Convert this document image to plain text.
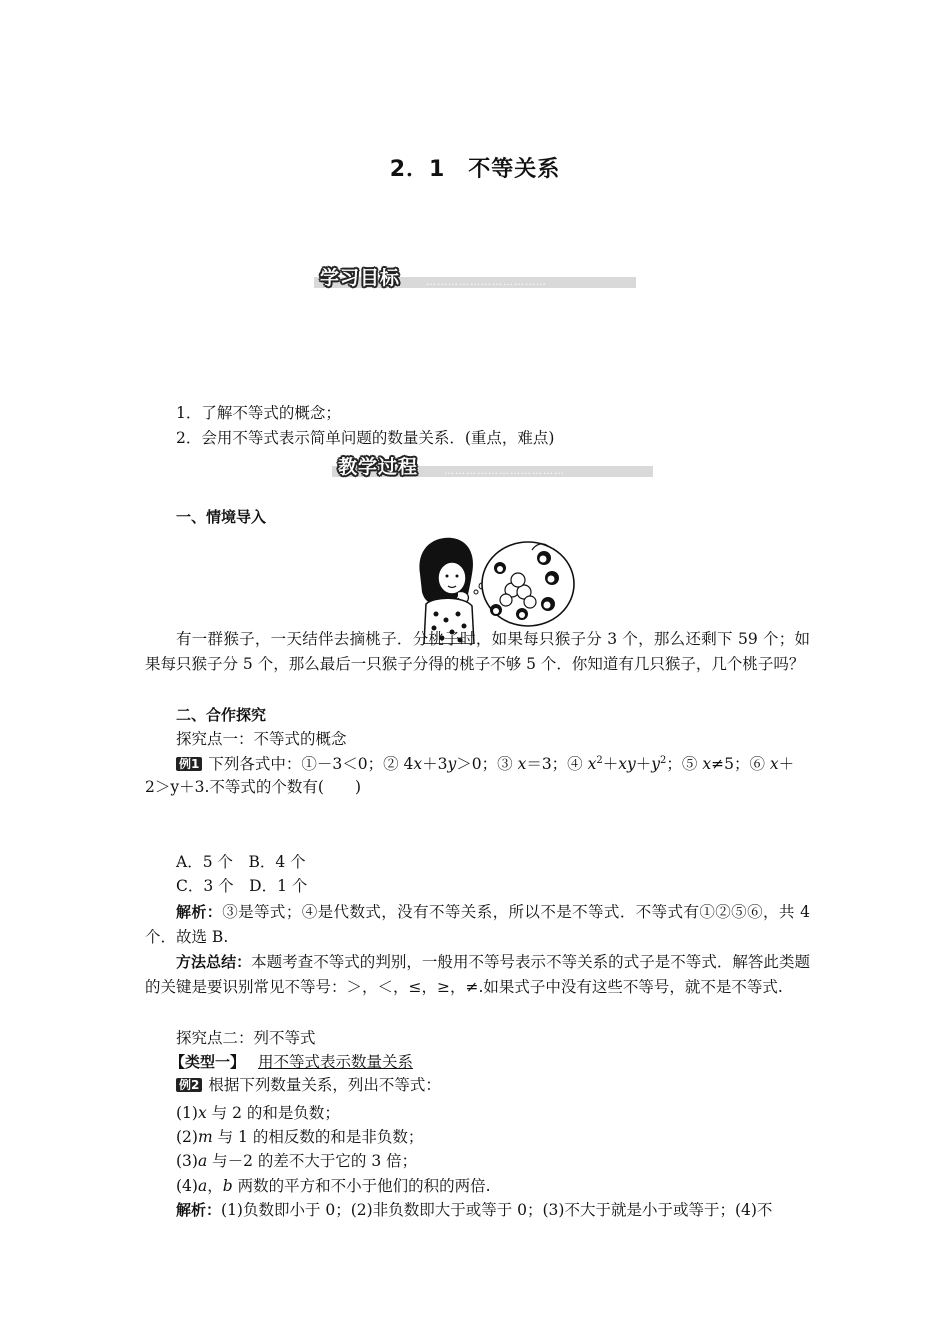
2．1　不等关系
……………………………
学习目标
1．了解不等式的概念；
2．会用不等式表示简单问题的数量关系．(重点，难点)
……………………………
教学过程
一、情境导入
有一群猴子，一天结伴去摘桃子．分桃子时，如果每只猴子分 3 个，那么还剩下 59 个；如果每只猴子分 5 个，那么最后一只猴子分得的桃子不够 5 个．你知道有几只猴子，几个桃子吗？
二、合作探究
探究点一：不等式的概念
例1 下列各式中：①－3＜0；② 4x＋3y＞0；③ x＝3；④ $x^2+xy+y^2$；⑤ x≠5；⑥ x＋
2＞y＋3.不等式的个数有(　　)
A．5 个　B．4 个
C．3 个　D．1 个
解析：③是等式；④是代数式，没有不等关系，所以不是不等式．不等式有①②⑤⑥，共 4 个．故选 B.
方法总结：本题考查不等式的判别，一般用不等号表示不等关系的式子是不等式．解答此类题的关键是要识别常见不等号：＞，＜，≤，≥，≠.如果式子中没有这些不等号，就不是不等式.
探究点二：列不等式
【类型一】 用不等式表示数量关系
例2 根据下列数量关系，列出不等式：
(1)x 与 2 的和是负数；
(2)m 与 1 的相反数的和是非负数；
(3)a 与－2 的差不大于它的 3 倍；
(4)a，b 两数的平方和不小于他们的积的两倍.
解析：(1)负数即小于 0；(2)非负数即大于或等于 0；(3)不大于就是小于或等于；(4)不
